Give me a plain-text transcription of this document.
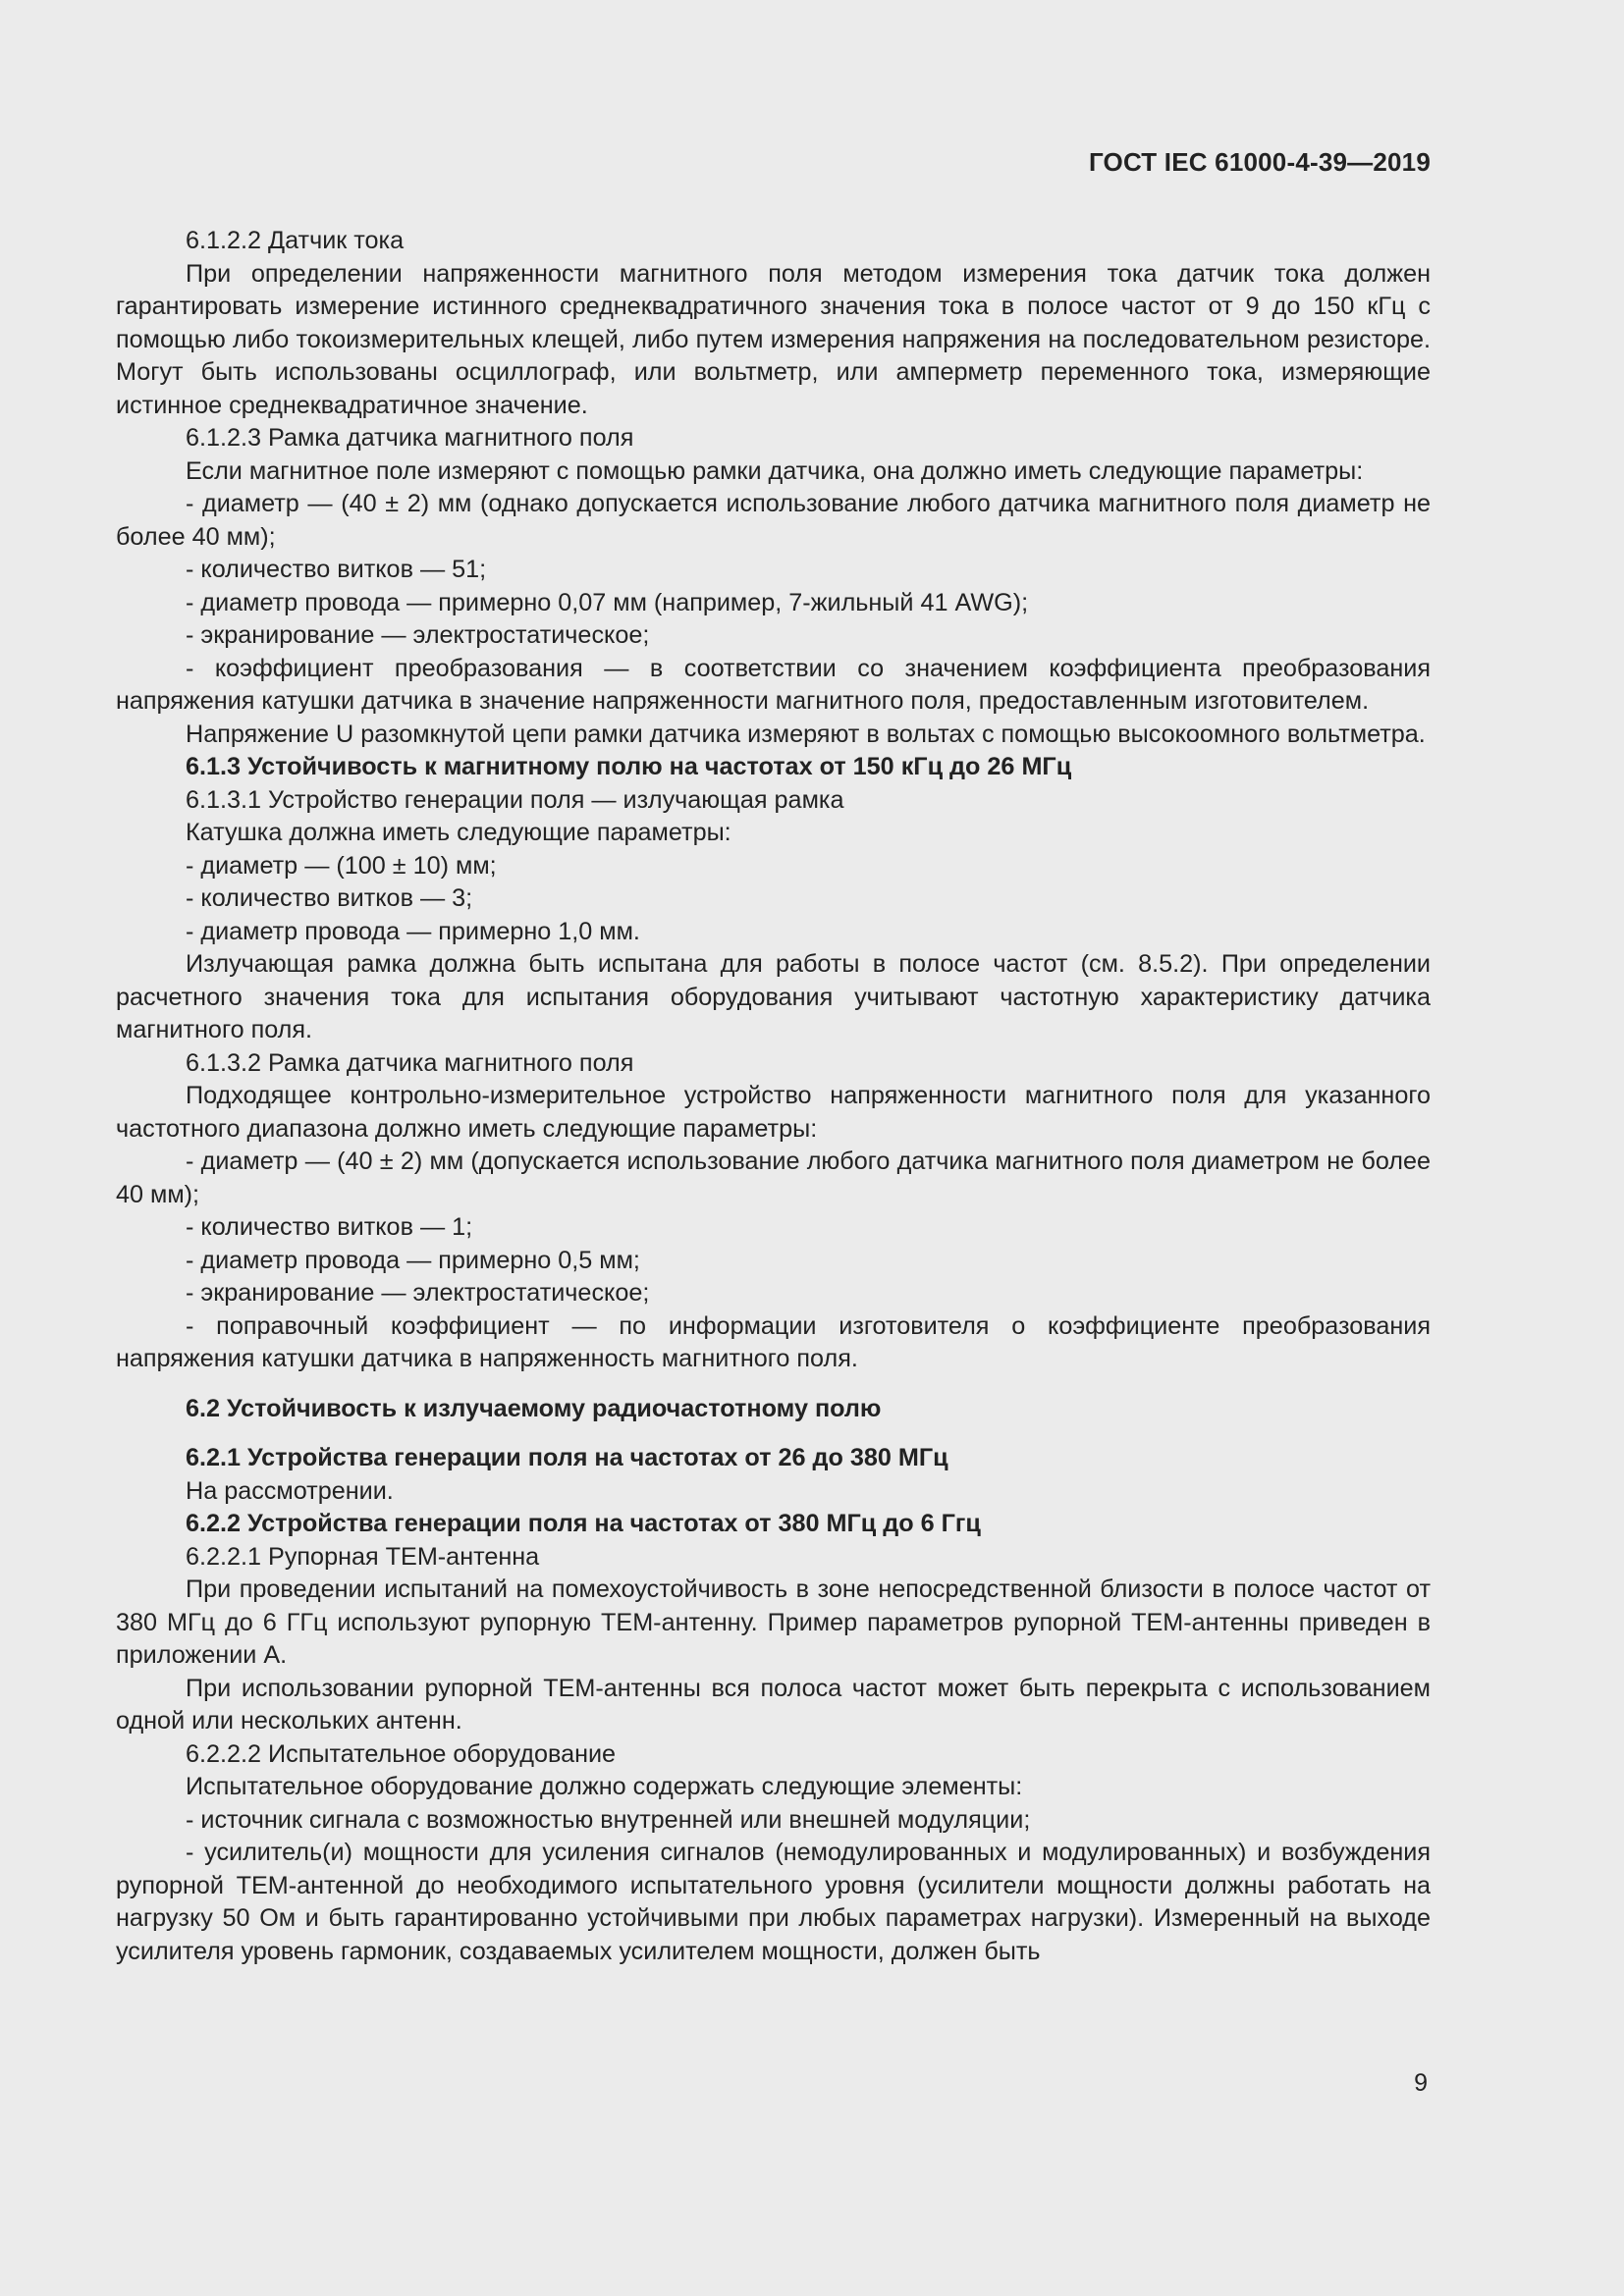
ГОСТ IEC 61000-4-39—2019

6.1.2.2 Датчик тока

При определении напряженности магнитного поля методом измерения тока датчик тока должен гарантировать измерение истинного среднеквадратичного значения тока в полосе частот от 9 до 150 кГц с помощью либо токоизмерительных клещей, либо путем измерения напряжения на последовательном резисторе. Могут быть использованы осциллограф, или вольтметр, или амперметр переменного тока, измеряющие истинное среднеквадратичное значение.

6.1.2.3 Рамка датчика магнитного поля

Если магнитное поле измеряют с помощью рамки датчика, она должно иметь следующие параметры:

- диаметр — (40 ± 2) мм (однако допускается использование любого датчика магнитного поля диаметр не более 40 мм);

- количество витков — 51;

- диаметр провода — примерно 0,07 мм (например, 7-жильный 41 AWG);

- экранирование — электростатическое;

- коэффициент преобразования — в соответствии со значением коэффициента преобразования напряжения катушки датчика в значение напряженности магнитного поля, предоставленным изготовителем.

Напряжение U разомкнутой цепи рамки датчика измеряют в вольтах с помощью высокоомного вольтметра.

6.1.3 Устойчивость к магнитному полю на частотах от 150 кГц до 26 МГц

6.1.3.1 Устройство генерации поля — излучающая рамка

Катушка должна иметь следующие параметры:

- диаметр — (100 ± 10) мм;

- количество витков — 3;

- диаметр провода — примерно 1,0 мм.

Излучающая рамка должна быть испытана для работы в полосе частот (см. 8.5.2). При определении расчетного значения тока для испытания оборудования учитывают частотную характеристику датчика магнитного поля.

6.1.3.2 Рамка датчика магнитного поля

Подходящее контрольно-измерительное устройство напряженности магнитного поля для указанного частотного диапазона должно иметь следующие параметры:

- диаметр — (40 ± 2) мм (допускается использование любого датчика магнитного поля диаметром не более 40 мм);

- количество витков — 1;

- диаметр провода — примерно 0,5 мм;

- экранирование — электростатическое;

- поправочный коэффициент — по информации изготовителя о коэффициенте преобразования напряжения катушки датчика в напряженность магнитного поля.

6.2 Устойчивость к излучаемому радиочастотному полю

6.2.1 Устройства генерации поля на частотах от 26 до 380 МГц

На рассмотрении.

6.2.2 Устройства генерации поля на частотах от 380 МГц до 6 Ггц

6.2.2.1 Рупорная ТЕМ-антенна

При проведении испытаний на помехоустойчивость в зоне непосредственной близости в полосе частот от 380 МГц до 6 ГГц используют рупорную ТЕМ-антенну. Пример параметров рупорной ТЕМ-антенны приведен в приложении А.

При использовании рупорной ТЕМ-антенны вся полоса частот может быть перекрыта с использованием одной или нескольких антенн.

6.2.2.2 Испытательное оборудование

Испытательное оборудование должно содержать следующие элементы:

- источник сигнала с возможностью внутренней или внешней модуляции;

- усилитель(и) мощности для усиления сигналов (немодулированных и модулированных) и возбуждения рупорной ТЕМ-антенной до необходимого испытательного уровня (усилители мощности должны работать на нагрузку 50 Ом и быть гарантированно устойчивыми при любых параметрах нагрузки). Измеренный на выходе усилителя уровень гармоник, создаваемых усилителем мощности, должен быть

9
